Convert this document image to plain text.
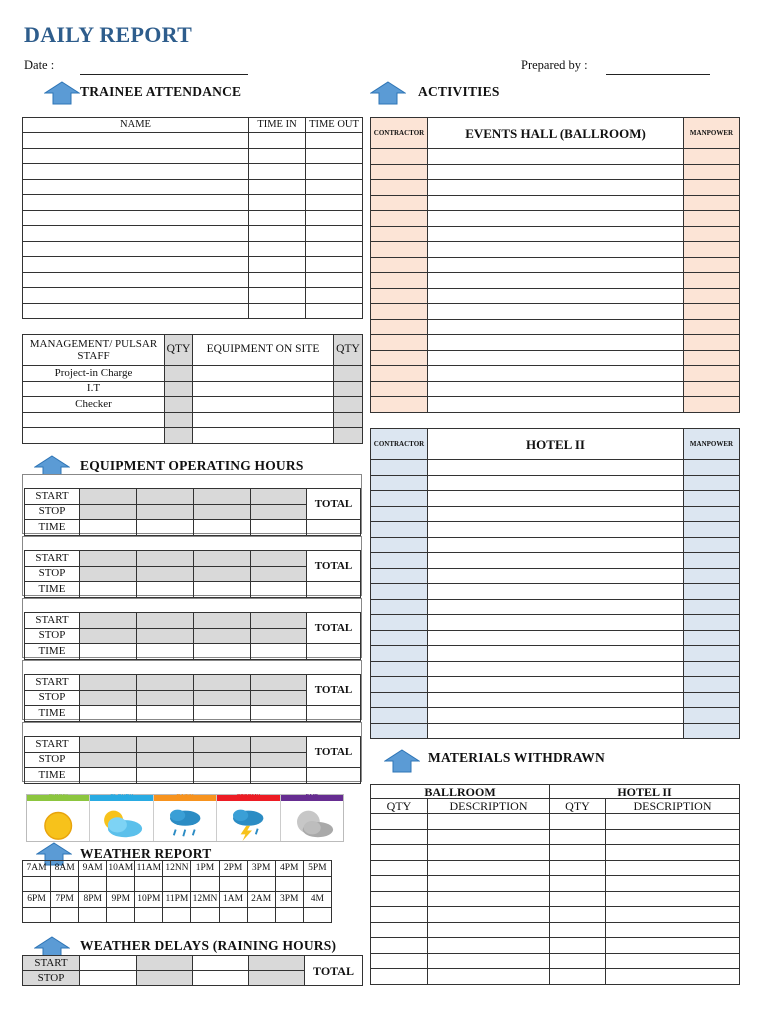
DAILY REPORT
Date :	Prepared by :
TRAINEE ATTENDANCE	ACTIVITIES
EQUIPMENT OPERATING HOURS
MATERIALS WITHDRAWN
WEATHER REPORT
WEATHER DELAYS (RAINING HOURS)
NAME	TIME IN	TIME OUT

MANAGEMENT/ PULSAR STAFF	QTY	EQUIPMENT ON SITE	QTY
Project-in Charge			
I.T			
Checker			

SUNNY	CLOUDY	RAINY	STORMY	FAIR
7AM	8AM	9AM	10AM	11AM	12NN	1PM	2PM	3PM	4PM	5PM

6PM	7PM	8PM	9PM	10PM	11PM	12MN	1AM	2AM	3PM	4M

START					TOTAL
STOP					
CONTRACTOR	EVENTS HALL (BALLROOM)	MANPOWER

CONTRACTOR	HOTEL II	MANPOWER

BALLROOM		HOTEL II	
QTY	DESCRIPTION	QTY	DESCRIPTION

START					TOTAL
STOP					
TIME					
START					TOTAL
STOP					
TIME					
START					TOTAL
STOP					
TIME					
START					TOTAL
STOP					
TIME					
START					TOTAL
STOP					
TIME					
